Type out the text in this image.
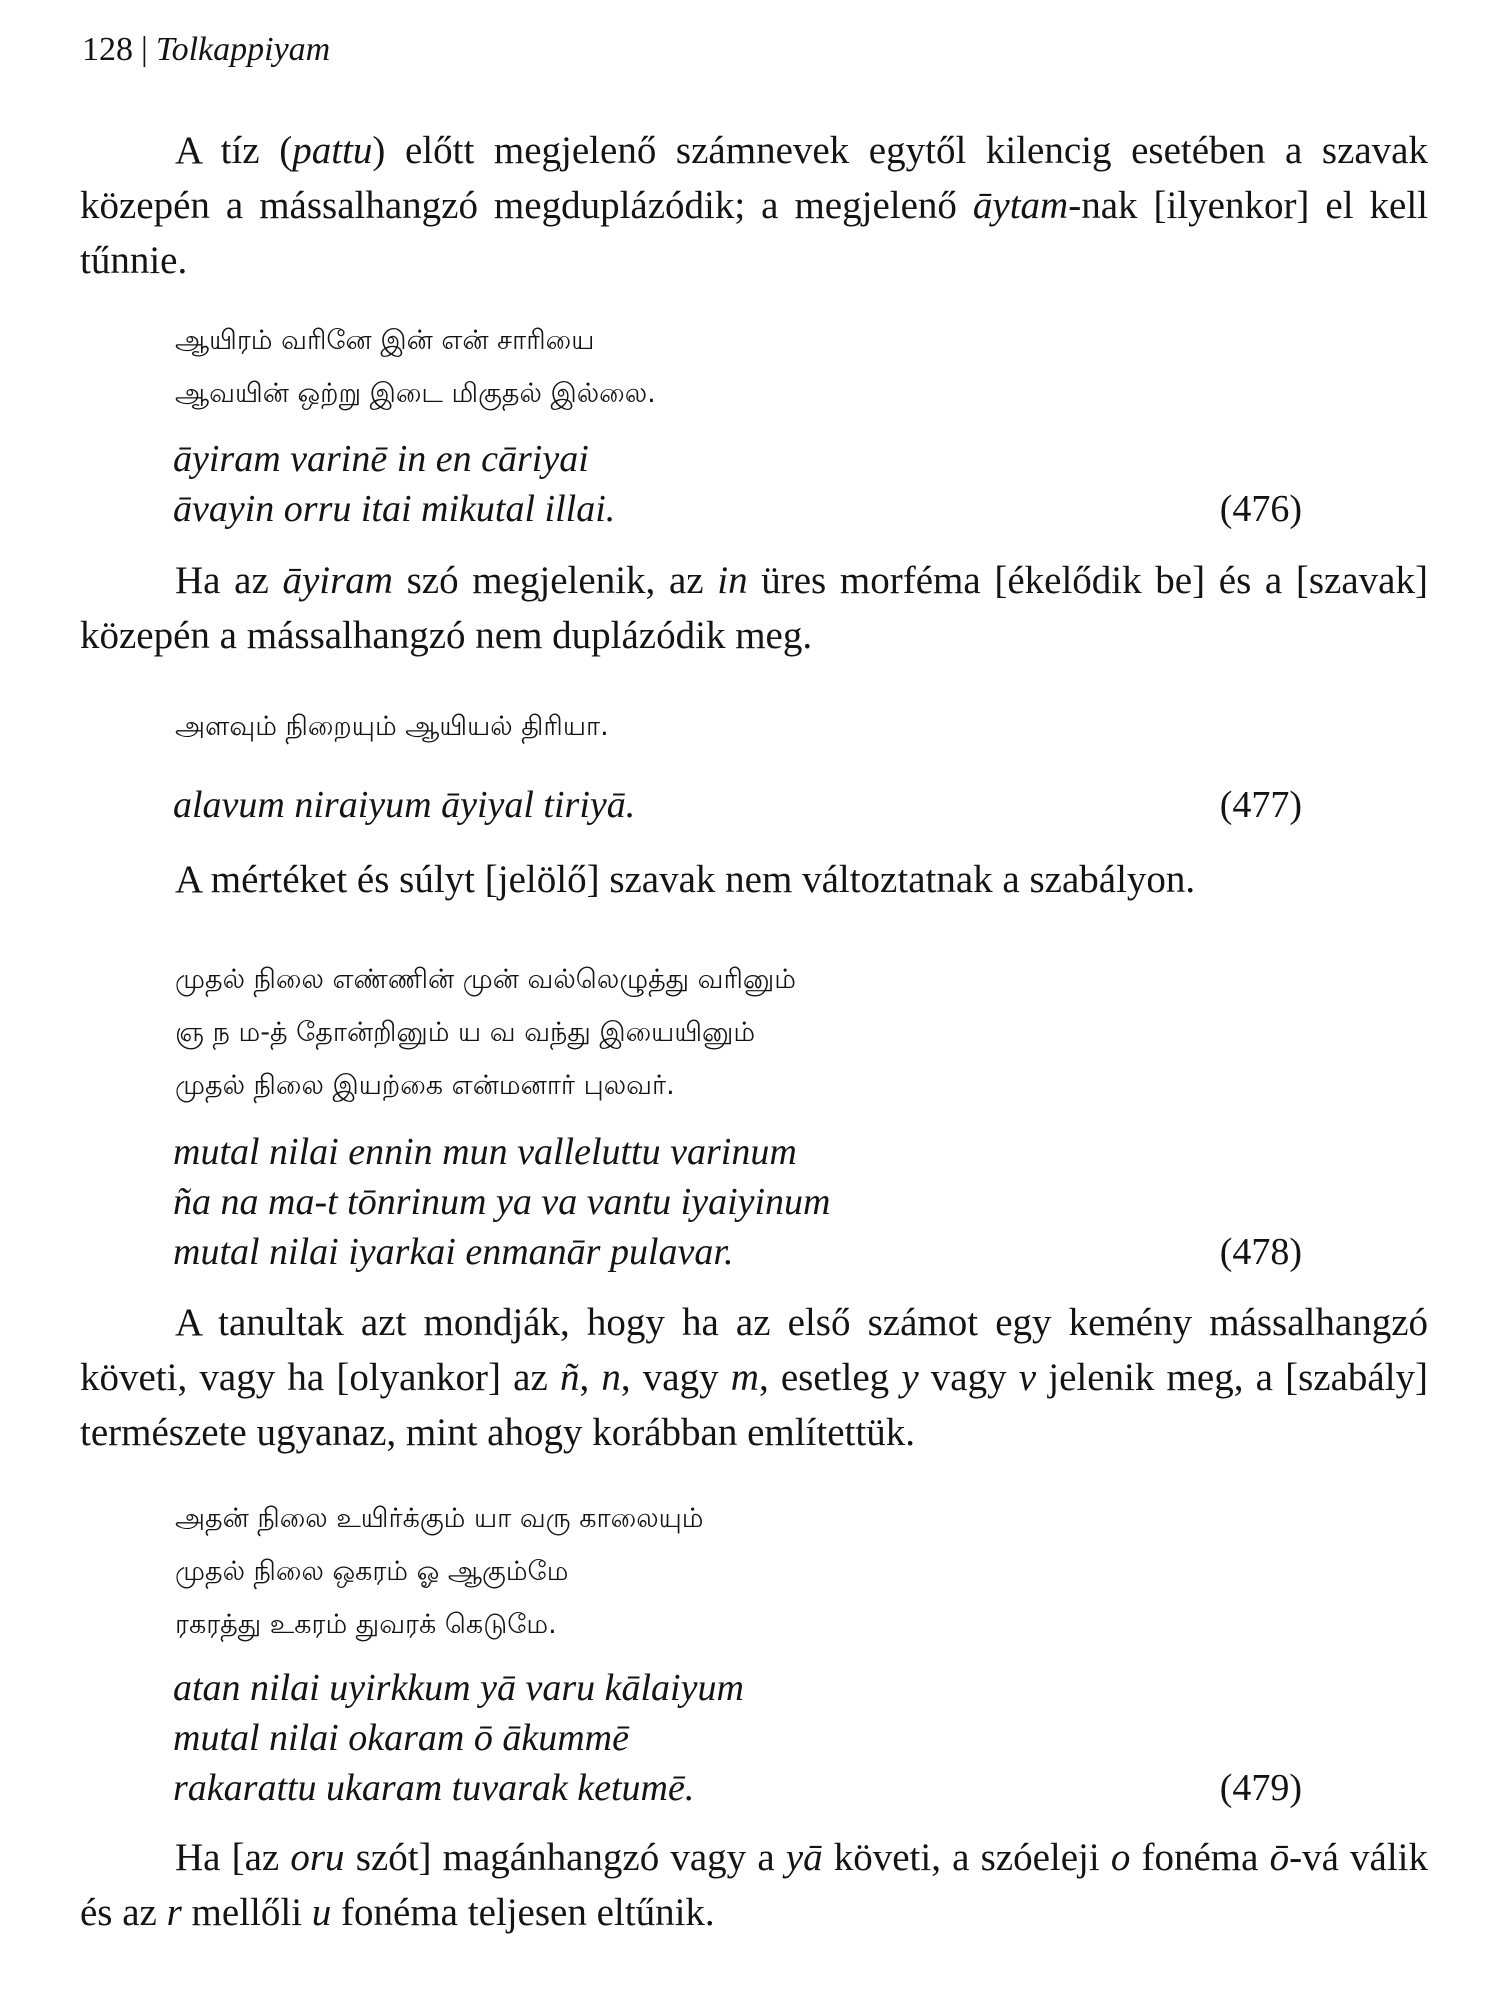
128 | Tolkappiyam
A tíz (pattu) előtt megjelenő számnevek egytől kilencig esetében a szavak közepén a mássalhangzó megduplázódik; a megjelenő āytam-nak [ilyenkor] el kell tűnnie.
ஆயிரம் வரினே இன் என் சாரியை
ஆவயின் ஒற்று இடை மிகுதல் இல்லை.
āyiram varinē in en cāriyai
āvayin orru itai mikutal illai.	(476)
Ha az āyiram szó megjelenik, az in üres morféma [ékelődik be] és a [szavak] közepén a mássalhangzó nem duplázódik meg.
அளவும் நிறையும் ஆயியல் திரியா.
alavum niraiyum āyiyal tiriyā.	(477)
A mértéket és súlyt [jelölő] szavak nem változtatnak a szabályon.
முதல் நிலை எண்ணின் முன் வல்லெழுத்து வரினும்
ஞ ந ம-த் தோன்றினும் ய வ வந்து இயையினும்
முதல் நிலை இயற்கை என்மனார் புலவர்.
mutal nilai ennin mun valleluttu varinum
ña na ma-t tōnrinum ya va vantu iyaiyinum
mutal nilai iyarkai enmanār pulavar.	(478)
A tanultak azt mondják, hogy ha az első számot egy kemény mássalhangzó követi, vagy ha [olyankor] az ñ, n, vagy m, esetleg y vagy v jelenik meg, a [szabály] természete ugyanaz, mint ahogy korábban említettük.
அதன் நிலை உயிர்க்கும் யா வரு காலையும்
முதல் நிலை ஒகரம் ஓ ஆகும்மே
ரகரத்து உகரம் துவரக் கெடுமே.
atan nilai uyirkkum yā varu kālaiyum
mutal nilai okaram ō ākummē
rakarattu ukaram tuvarak ketumē.	(479)
Ha [az oru szót] magánhangzó vagy a yā követi, a szóeleji o fonéma ō-vá válik és az r mellőli u fonéma teljesen eltűnik.
